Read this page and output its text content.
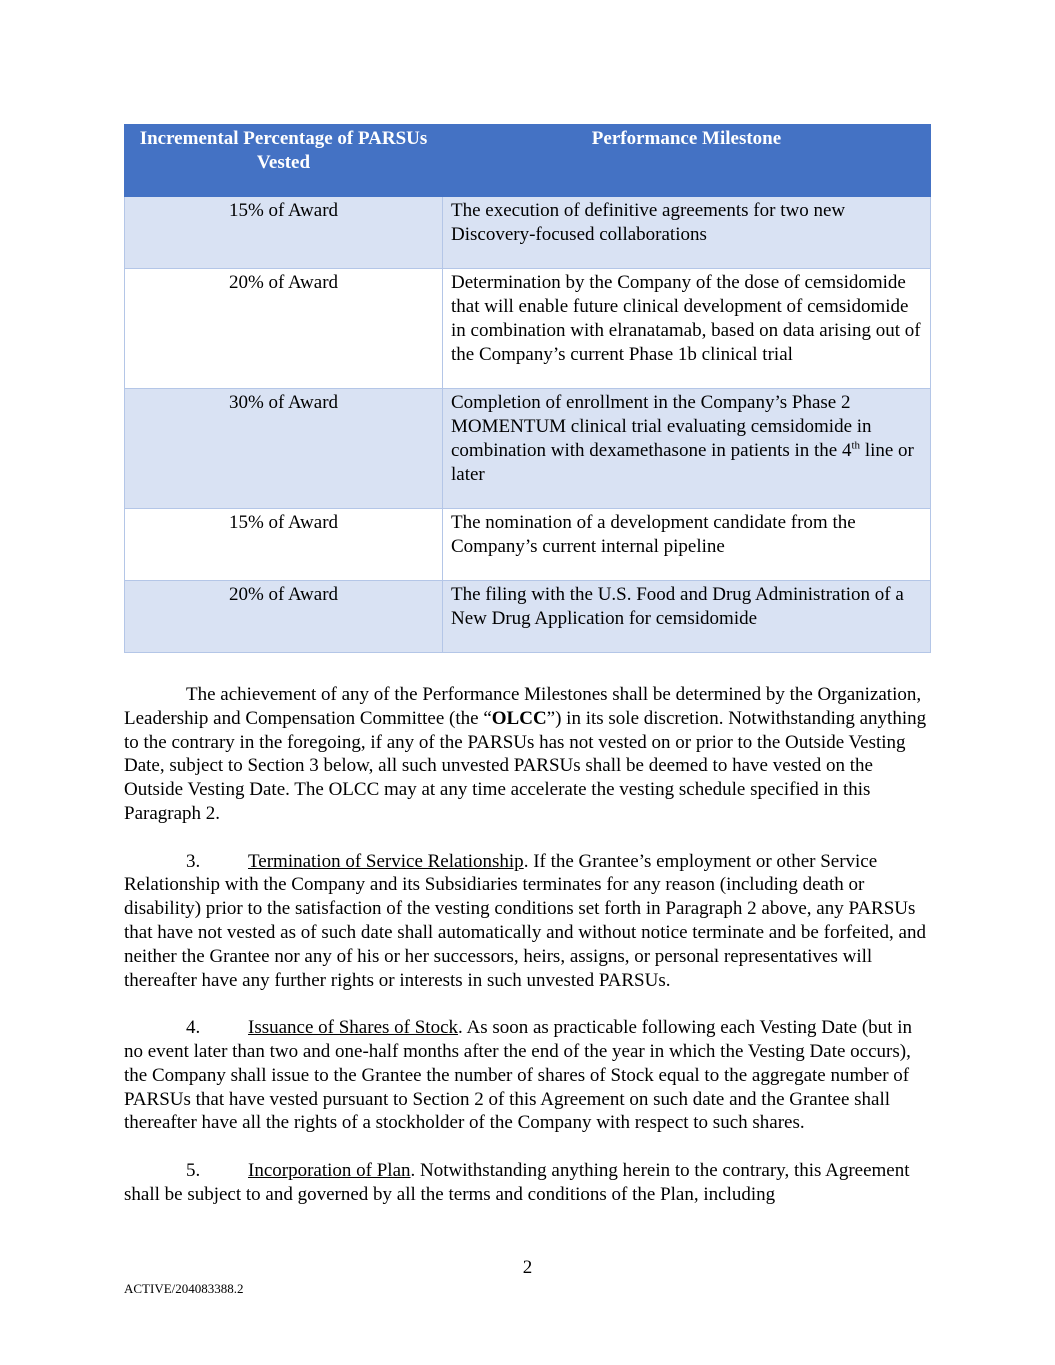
Incremental Percentage of PARSUs Vested	Performance Milestone
15% of Award	The execution of definitive agreements for two new Discovery-focused collaborations
20% of Award	Determination by the Company of the dose of cemsidomide that will enable future clinical development of cemsidomide in combination with elranatamab, based on data arising out of the Company’s current Phase 1b clinical trial
30% of Award	Completion of enrollment in the Company’s Phase 2 MOMENTUM clinical trial evaluating cemsidomide in combination with dexamethasone in patients in the 4th line or later
15% of Award	The nomination of a development candidate from the Company’s current internal pipeline
20% of Award	The filing with the U.S. Food and Drug Administration of a New Drug Application for cemsidomide

The achievement of any of the Performance Milestones shall be determined by the Organization, Leadership and Compensation Committee (the “OLCC”) in its sole discretion. Notwithstanding anything to the contrary in the foregoing, if any of the PARSUs has not vested on or prior to the Outside Vesting Date, subject to Section 3 below, all such unvested PARSUs shall be deemed to have vested on the Outside Vesting Date. The OLCC may at any time accelerate the vesting schedule specified in this Paragraph 2.

3.	Termination of Service Relationship. If the Grantee’s employment or other Service Relationship with the Company and its Subsidiaries terminates for any reason (including death or disability) prior to the satisfaction of the vesting conditions set forth in Paragraph 2 above, any PARSUs that have not vested as of such date shall automatically and without notice terminate and be forfeited, and neither the Grantee nor any of his or her successors, heirs, assigns, or personal representatives will thereafter have any further rights or interests in such unvested PARSUs.

4.	Issuance of Shares of Stock. As soon as practicable following each Vesting Date (but in no event later than two and one-half months after the end of the year in which the Vesting Date occurs), the Company shall issue to the Grantee the number of shares of Stock equal to the aggregate number of PARSUs that have vested pursuant to Section 2 of this Agreement on such date and the Grantee shall thereafter have all the rights of a stockholder of the Company with respect to such shares.

5.	Incorporation of Plan. Notwithstanding anything herein to the contrary, this Agreement shall be subject to and governed by all the terms and conditions of the Plan, including

2
ACTIVE/204083388.2
